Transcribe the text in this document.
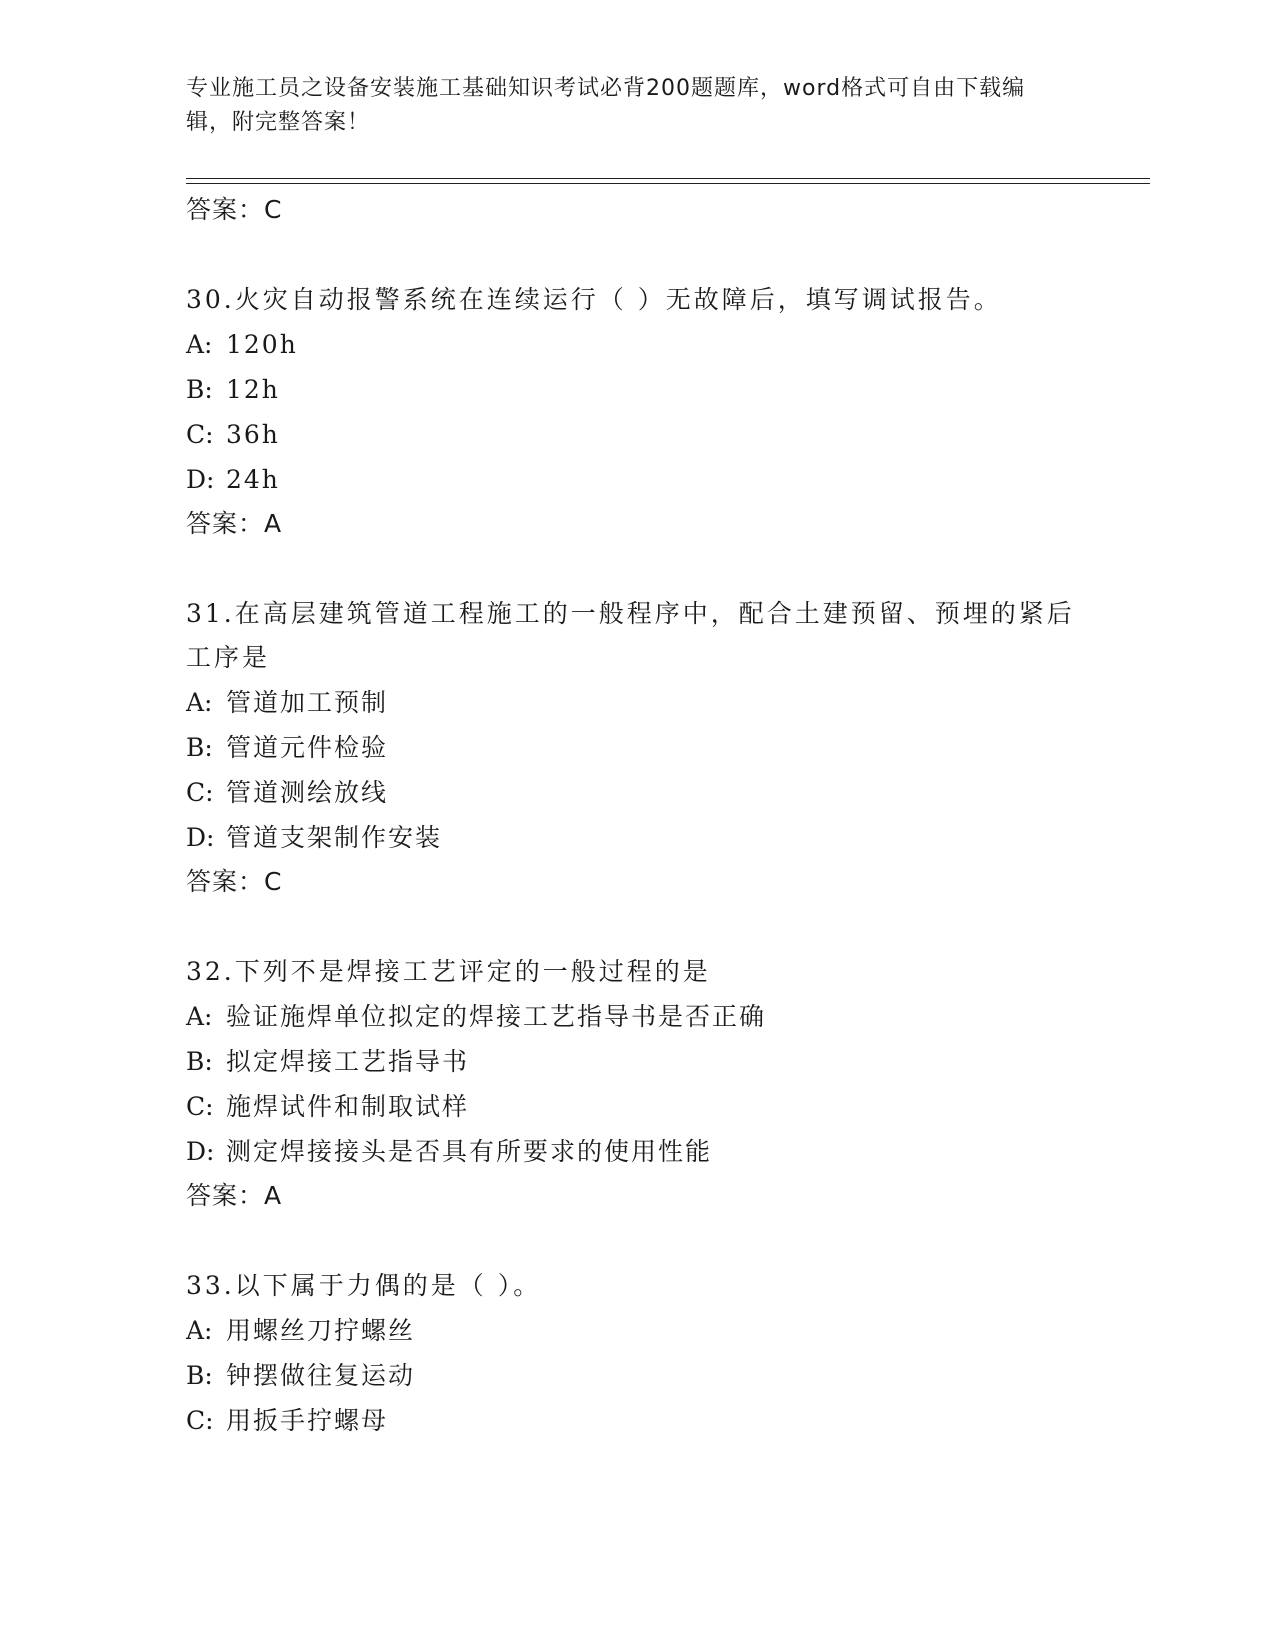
专业施工员之设备安装施工基础知识考试必背200题题库，word格式可自由下载编辑，附完整答案！
答案：C
30.火灾自动报警系统在连续运行（ ）无故障后，填写调试报告。
A: 120h
B: 12h
C: 36h
D: 24h
答案：A
31.在高层建筑管道工程施工的一般程序中，配合土建预留、预埋的紧后工序是
A: 管道加工预制
B: 管道元件检验
C: 管道测绘放线
D: 管道支架制作安装
答案：C
32.下列不是焊接工艺评定的一般过程的是
A: 验证施焊单位拟定的焊接工艺指导书是否正确
B: 拟定焊接工艺指导书
C: 施焊试件和制取试样
D: 测定焊接接头是否具有所要求的使用性能
答案：A
33.以下属于力偶的是（ ）。
A: 用螺丝刀拧螺丝
B: 钟摆做往复运动
C: 用扳手拧螺母
